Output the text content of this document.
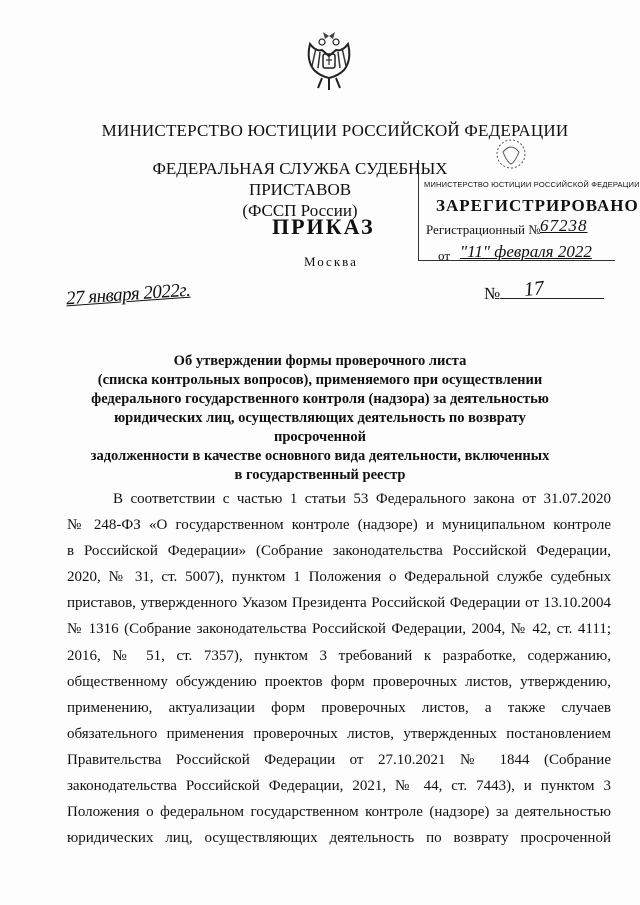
МИНИСТЕРСТВО ЮСТИЦИИ РОССИЙСКОЙ ФЕДЕРАЦИИ
ФЕДЕРАЛЬНАЯ СЛУЖБА СУДЕБНЫХ ПРИСТАВОВ
(ФССП России)
МИНИСТЕРСТВО ЮСТИЦИИ РОССИЙСКОЙ ФЕДЕРАЦИИ
ЗАРЕГИСТРИРОВАНО
Регистрационный № 67238
от "11" февраля 2022
ПРИКАЗ
Москва
27 января 2022г.	№ 17
Об утверждении формы проверочного листа
(списка контрольных вопросов), применяемого при осуществлении
федерального государственного контроля (надзора) за деятельностью
юридических лиц, осуществляющих деятельность по возврату просроченной
задолженности в качестве основного вида деятельности, включенных
в государственный реестр
В соответствии с частью 1 статьи 53 Федерального закона от 31.07.2020
№ 248-ФЗ «О государственном контроле (надзоре) и муниципальном контроле
в Российской Федерации» (Собрание законодательства Российской Федерации,
2020, № 31, ст. 5007), пунктом 1 Положения о Федеральной службе судебных
приставов, утвержденного Указом Президента Российской Федерации от 13.10.2004
№ 1316 (Собрание законодательства Российской Федерации, 2004, № 42, ст. 4111;
2016, № 51, ст. 7357), пунктом 3 требований к разработке, содержанию,
общественному обсуждению проектов форм проверочных листов, утверждению,
применению, актуализации форм проверочных листов, а также случаев
обязательного применения проверочных листов, утвержденных постановлением
Правительства Российской Федерации от 27.10.2021 № 1844 (Собрание
законодательства Российской Федерации, 2021, № 44, ст. 7443), и пунктом 3
Положения о федеральном государственном контроле (надзоре) за деятельностью
юридических лиц, осуществляющих деятельность по возврату просроченной
